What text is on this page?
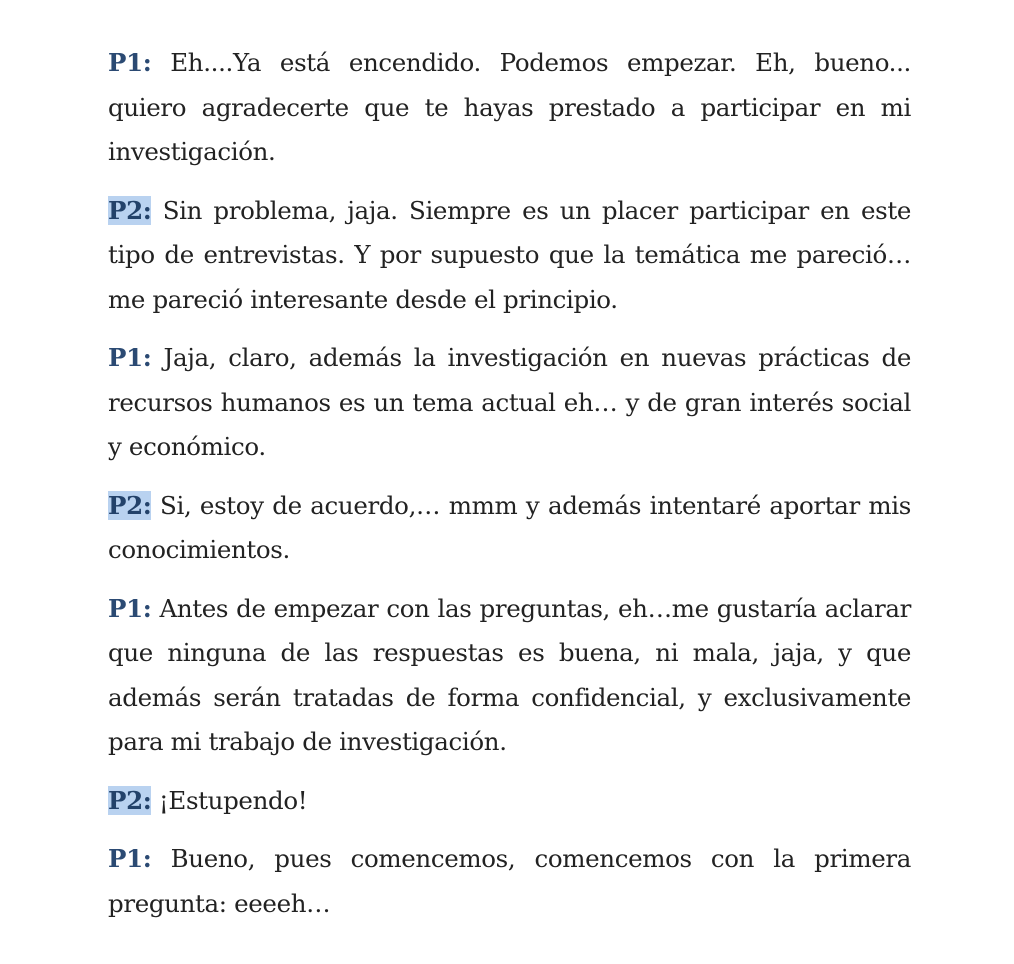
P1: Eh....Ya está encendido. Podemos empezar. Eh, bueno... quiero agradecerte que te hayas prestado a participar en mi investigación.

P2: Sin problema, jaja. Siempre es un placer participar en este tipo de entrevistas. Y por supuesto que la temática me pareció… me pareció interesante desde el principio.

P1: Jaja, claro, además la investigación en nuevas prácticas de recursos humanos es un tema actual eh… y de gran interés social y económico.

P2: Si, estoy de acuerdo,… mmm y además intentaré aportar mis conocimientos.

P1: Antes de empezar con las preguntas, eh…me gustaría aclarar que ninguna de las respuestas es buena, ni mala, jaja, y que además serán tratadas de forma confidencial, y exclusivamente para mi trabajo de investigación.

P2: ¡Estupendo!

P1: Bueno, pues comencemos, comencemos con la primera pregunta: eeeeh…
